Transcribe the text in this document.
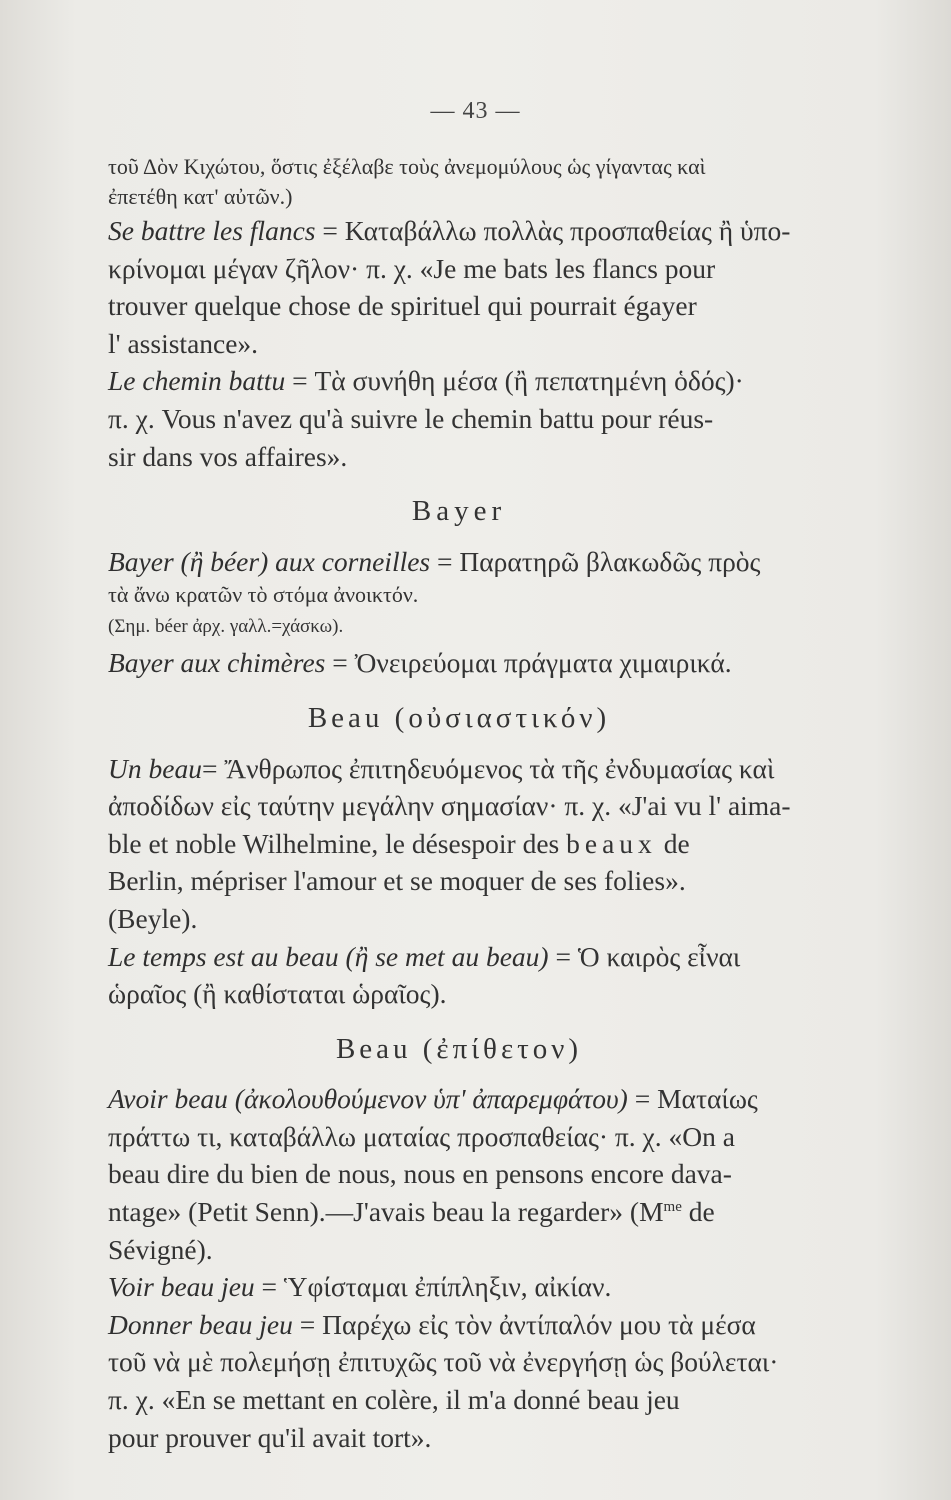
— 43 —
τοῦ Δὸν Κιχώτου, ὅστις ἐξέλαβε τοὺς ἀνεμομύλους ὡς γίγαντας καὶ
ἐπετέθη κατ' αὐτῶν.)
Se battre les flancs = Καταβάλλω πολλὰς προσπαθείας ἢ ὑπο-
κρίνομαι μέγαν ζῆλον· π. χ. «Je me bats les flancs pour
trouver quelque chose de spirituel qui pourrait égayer
l' assistance».
Le chemin battu = Τὰ συνήθη μέσα (ἢ πεπατημένη ὁδός)·
π. χ. Vous n'avez qu'à suivre le chemin battu pour réus-
sir dans vos affaires».
Bayer
Bayer (ἢ béer) aux corneilles = Παρατηρῶ βλακωδῶς πρὸς
τὰ ἄνω κρατῶν τὸ στόμα ἀνοικτόν.
(Σημ. béer ἀρχ. γαλλ.=χάσκω).
Bayer aux chimères = Ὀνειρεύομαι πράγματα χιμαιρικά.
Beau (οὐσιαστικόν)
Un beau= Ἄνθρωπος ἐπιτηδευόμενος τὰ τῆς ἐνδυμασίας καὶ
ἀποδίδων εἰς ταύτην μεγάλην σημασίαν· π. χ. «J'ai vu l' aima-
ble et noble Wilhelmine, le désespoir des beaux de
Berlin, mépriser l'amour et se moquer de ses folies».
(Beyle).
Le temps est au beau (ἢ se met au beau) = Ὁ καιρὸς εἶναι
ὡραῖος (ἢ καθίσταται ὡραῖος).
Beau (ἐπίθετον)
Avoir beau (ἀκολουθούμενον ὑπ' ἀπαρεμφάτου) = Ματαίως
πράττω τι, καταβάλλω ματαίας προσπαθείας· π. χ. «On a
beau dire du bien de nous, nous en pensons encore dava-
ntage» (Petit Senn).—J'avais beau la regarder» ($M^{me}$ de
Sévigné).
Voir beau jeu = Ὑφίσταμαι ἐπίπληξιν, αἰκίαν.
Donner beau jeu = Παρέχω εἰς τὸν ἀντίπαλόν μου τὰ μέσα
τοῦ νὰ μὲ πολεμήσῃ ἐπιτυχῶς τοῦ νὰ ἐνεργήσῃ ὡς βούλεται·
π. χ. «En se mettant en colère, il m'a donné beau jeu
pour prouver qu'il avait tort».
